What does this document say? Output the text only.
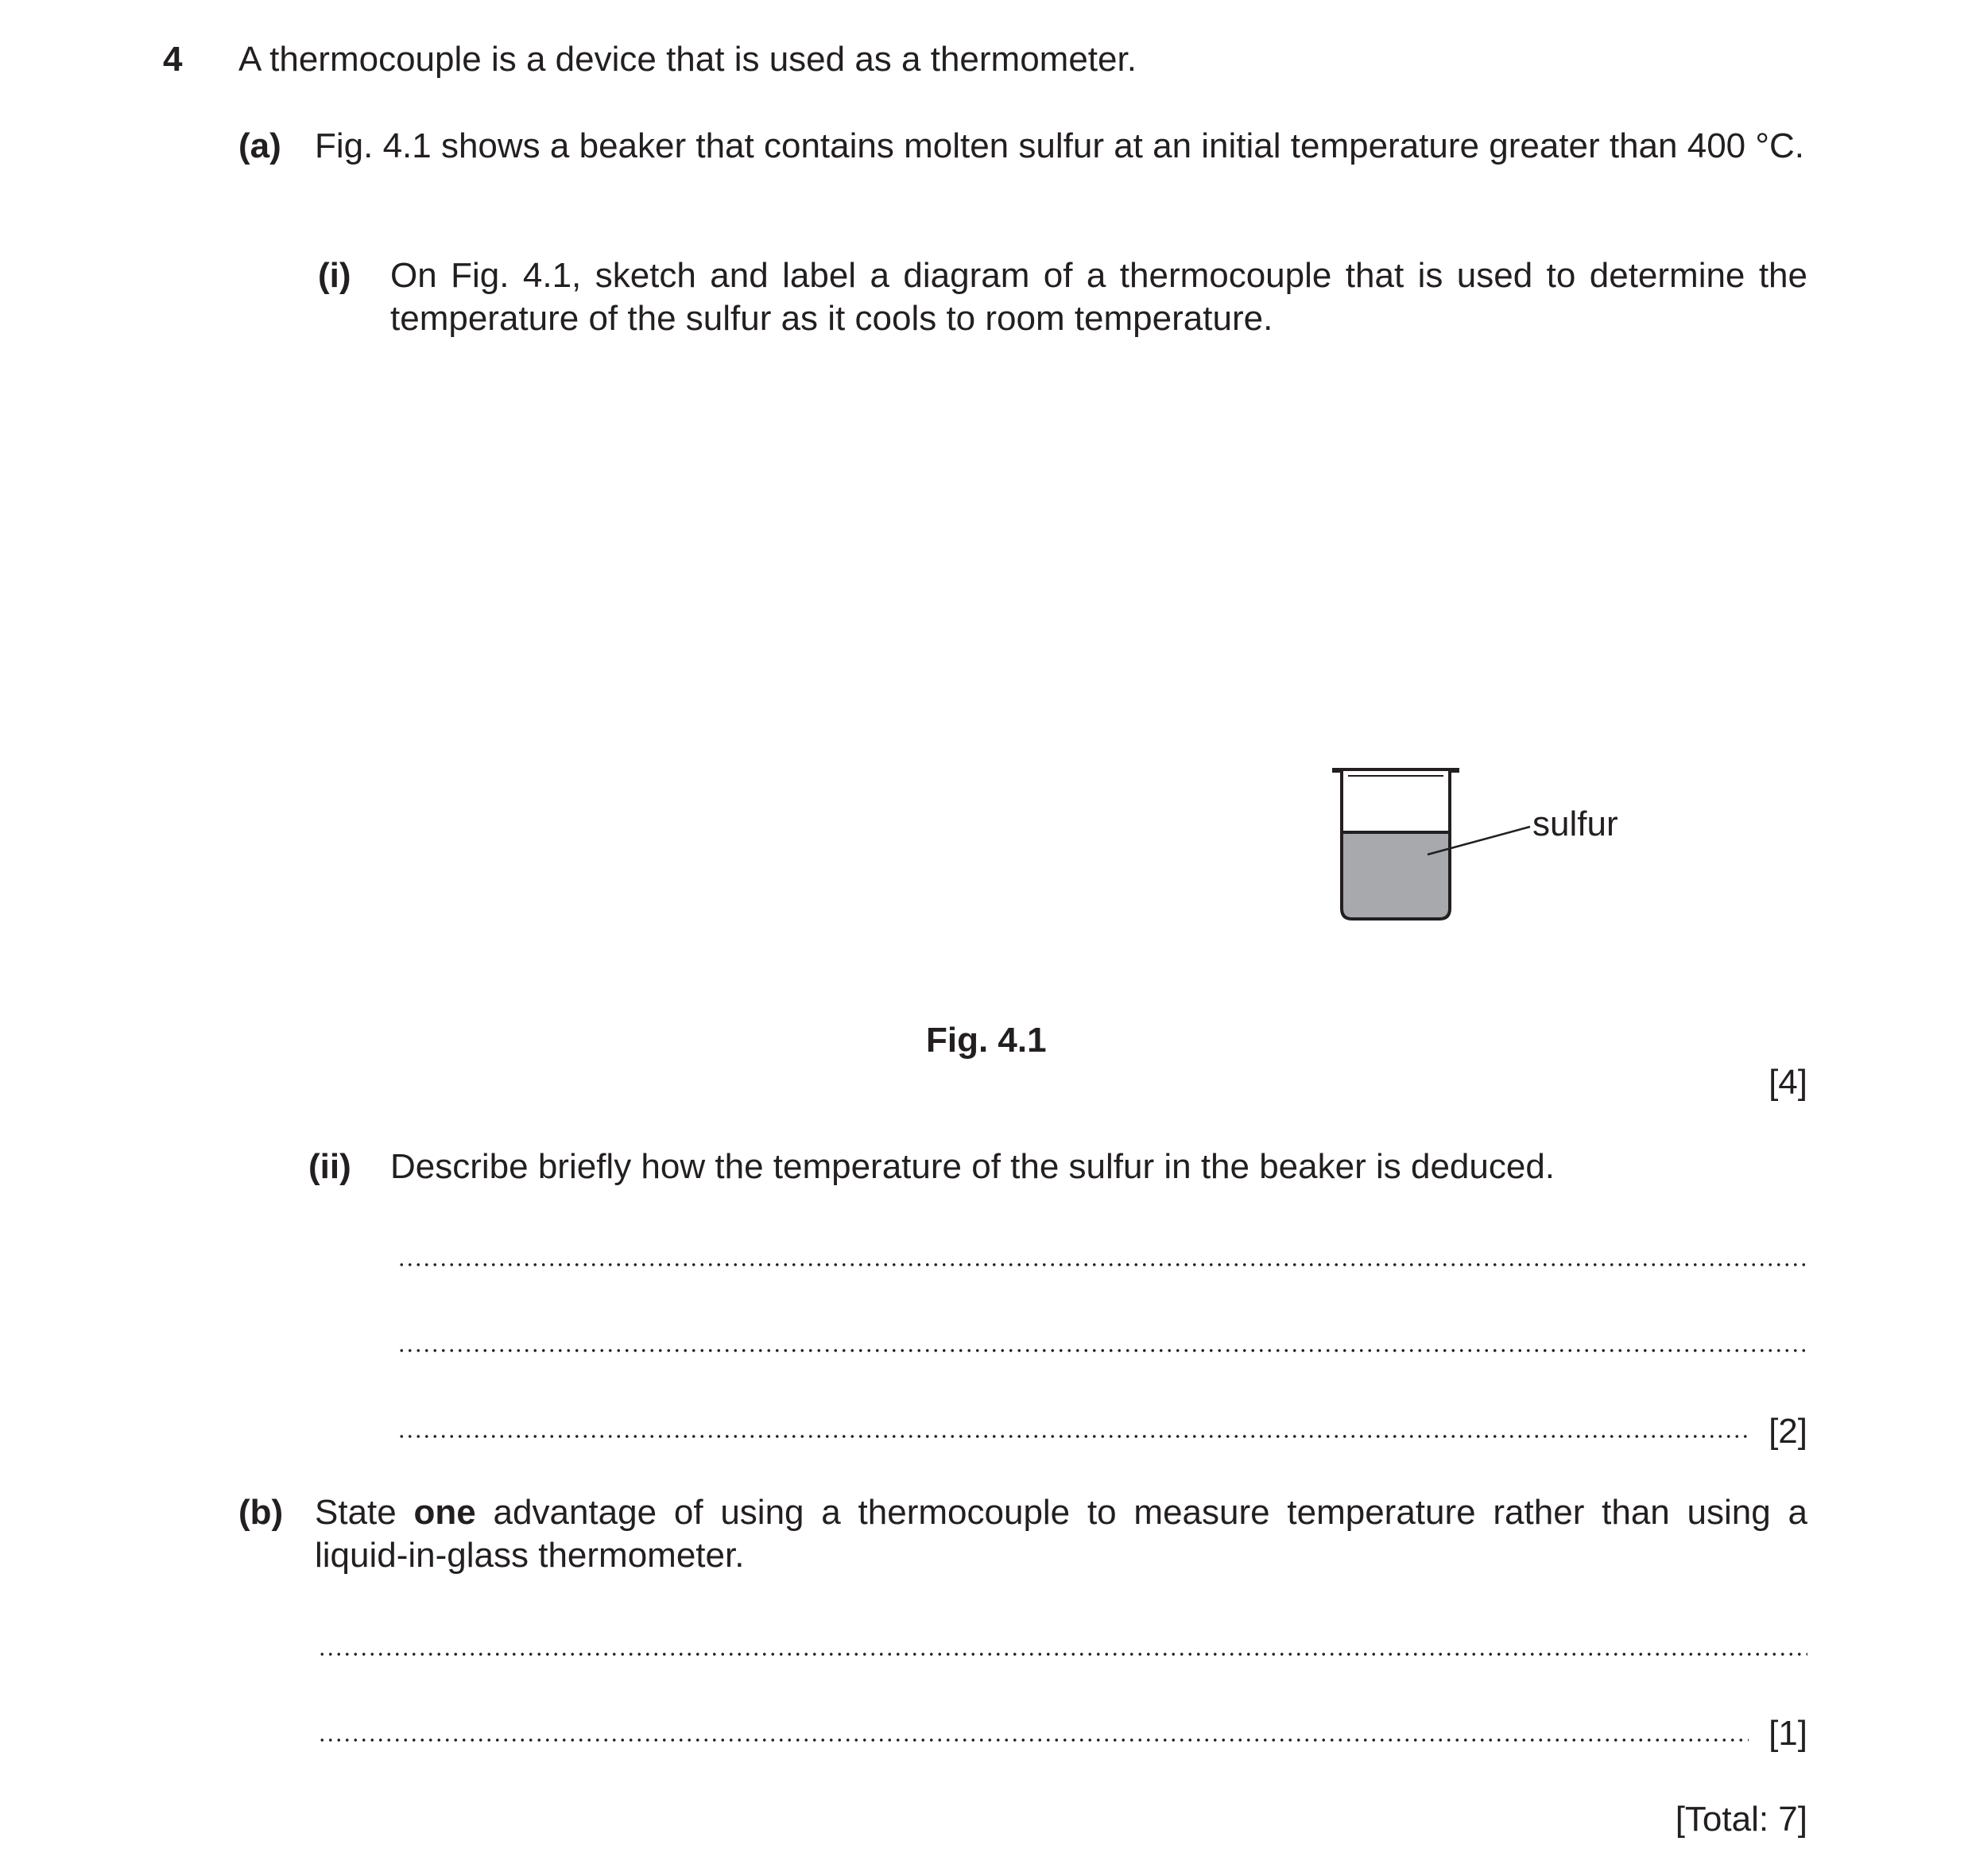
4 A thermocouple is a device that is used as a thermometer.
(a) Fig. 4.1 shows a beaker that contains molten sulfur at an initial temperature greater than 400 °C.
(i) On Fig. 4.1, sketch and label a diagram of a thermocouple that is used to determine the temperature of the sulfur as it cools to room temperature.
sulfur
Fig. 4.1
[4]
(ii) Describe briefly how the temperature of the sulfur in the beaker is deduced.
[2]
(b) State one advantage of using a thermocouple to measure temperature rather than using a liquid-in-glass thermometer.
[1]
[Total: 7]
